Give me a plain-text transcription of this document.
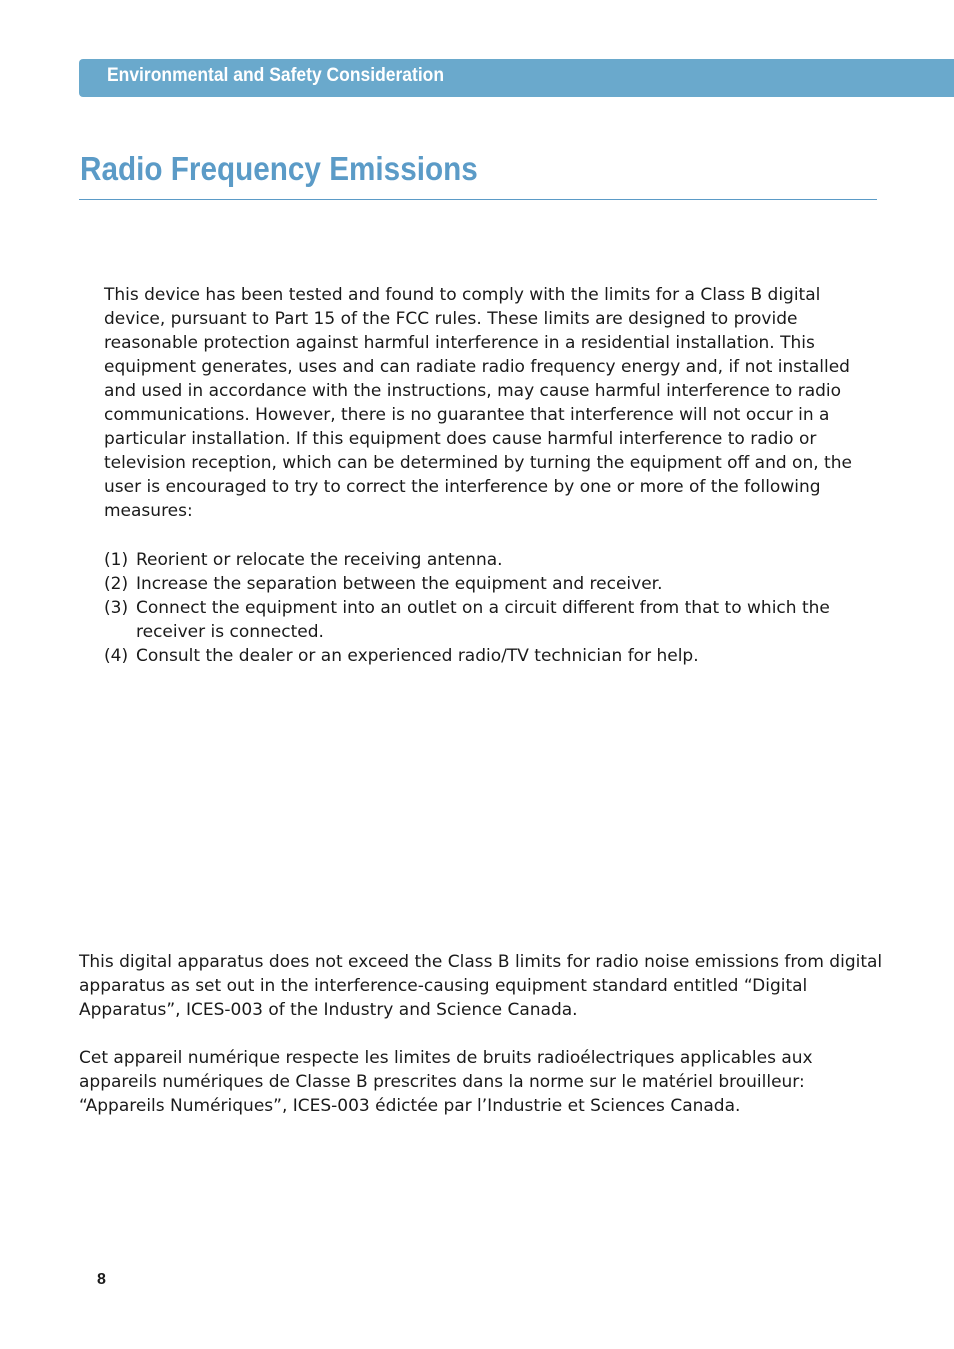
Environmental and Safety Consideration
Radio Frequency Emissions

This device has been tested and found to comply with the limits for a Class B digital device, pursuant to Part 15 of the FCC rules. These limits are designed to provide reasonable protection against harmful interference in a residential installation. This equipment generates, uses and can radiate radio frequency energy and, if not installed and used in accordance with the instructions, may cause harmful interference to radio communications. However, there is no guarantee that interference will not occur in a particular installation. If this equipment does cause harmful interference to radio or television reception, which can be determined by turning the equipment off and on, the user is encouraged to try to correct the interference by one or more of the following measures:

(1) Reorient or relocate the receiving antenna.
(2) Increase the separation between the equipment and receiver.
(3) Connect the equipment into an outlet on a circuit different from that to which the receiver is connected.
(4) Consult the dealer or an experienced radio/TV technician for help.

This digital apparatus does not exceed the Class B limits for radio noise emissions from digital apparatus as set out in the interference-causing equipment standard entitled “Digital Apparatus”, ICES-003 of the Industry and Science Canada.

Cet appareil numérique respecte les limites de bruits radioélectriques applicables aux appareils numériques de Classe B prescrites dans la norme sur le matériel brouilleur: “Appareils Numériques”, ICES-003 édictée par l’Industrie et Sciences Canada.

8
